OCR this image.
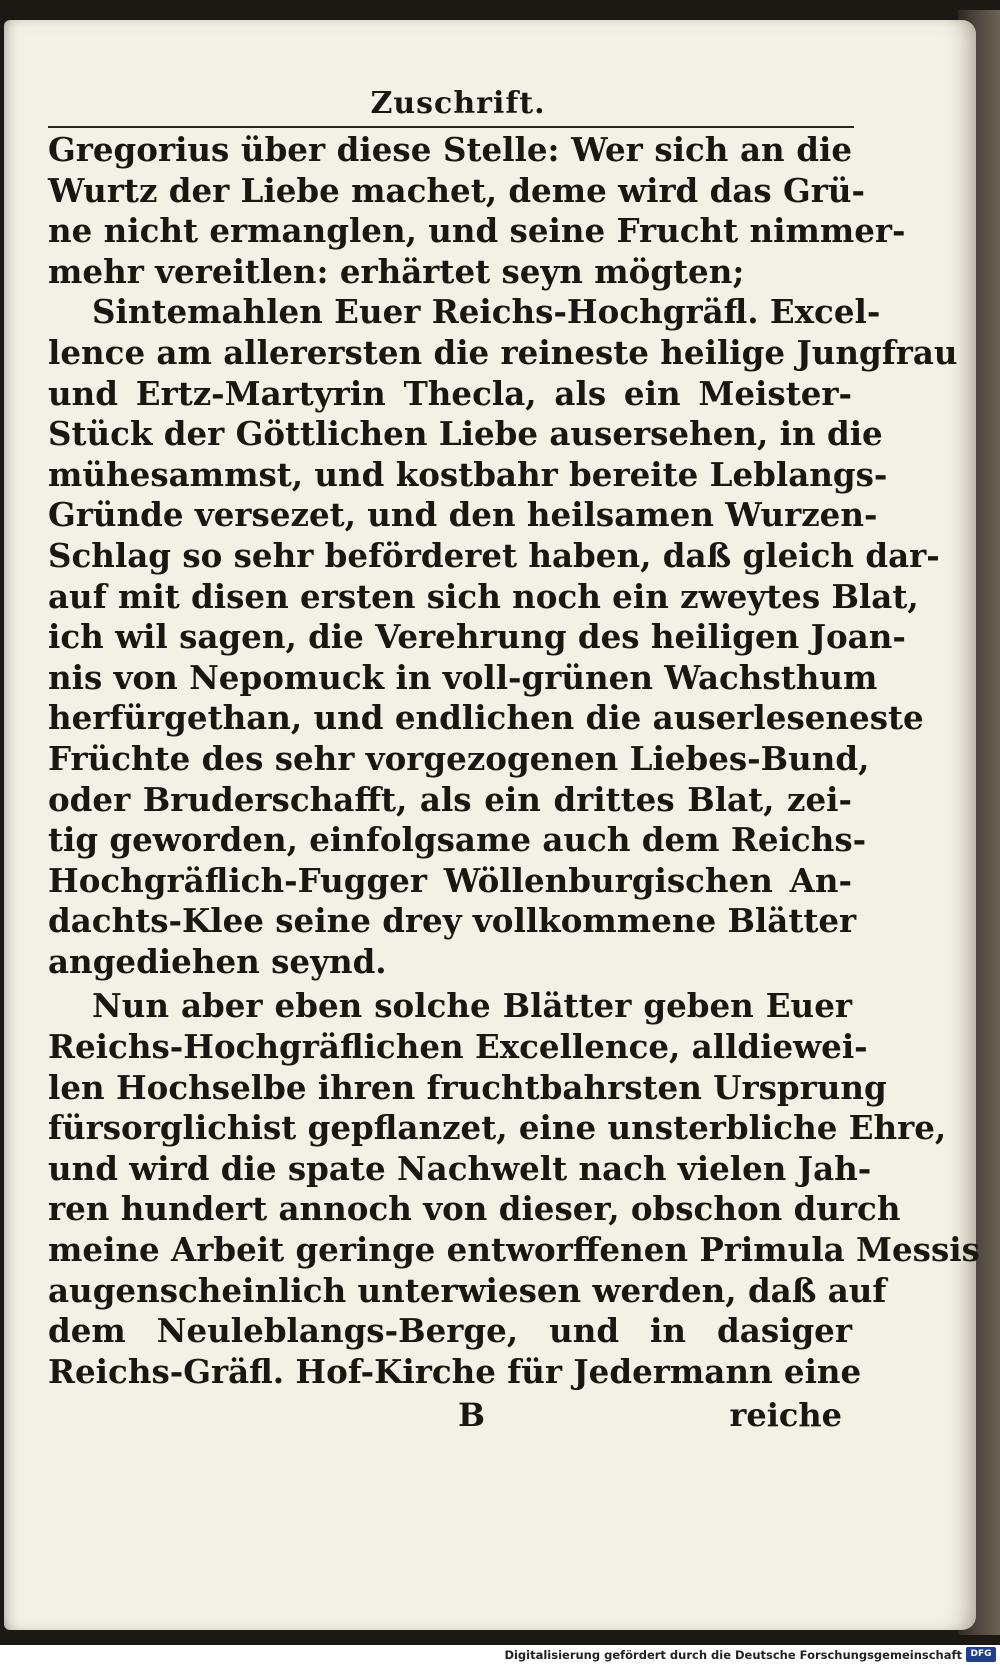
Zuschrift.
Gregorius über diese Stelle: Wer sich an die
Wurtz der Liebe machet, deme wird das Grü-
ne nicht ermanglen, und seine Frucht nimmer-
mehr vereitlen: erhärtet seyn mögten;
Sintemahlen Euer Reichs-Hochgräfl. Excel-
lence am allerersten die reineste heilige Jungfrau
und Ertz-Martyrin Thecla, als ein Meister-
Stück der Göttlichen Liebe ausersehen, in die
mühesammst, und kostbahr bereite Leblangs-
Gründe versezet, und den heilsamen Wurzen-
Schlag so sehr beförderet haben, daß gleich dar-
auf mit disen ersten sich noch ein zweytes Blat,
ich wil sagen, die Verehrung des heiligen Joan-
nis von Nepomuck in voll-grünen Wachsthum
herfürgethan, und endlichen die auserleseneste
Früchte des sehr vorgezogenen Liebes-Bund,
oder Bruderschafft, als ein drittes Blat, zei-
tig geworden, einfolgsame auch dem Reichs-
Hochgräflich-Fugger Wöllenburgischen An-
dachts-Klee seine drey vollkommene Blätter
angediehen seynd.
Nun aber eben solche Blätter geben Euer
Reichs-Hochgräflichen Excellence, alldiewei-
len Hochselbe ihren fruchtbahrsten Ursprung
fürsorglichist gepflanzet, eine unsterbliche Ehre,
und wird die spate Nachwelt nach vielen Jah-
ren hundert annoch von dieser, obschon durch
meine Arbeit geringe entworffenen Primula Messis
augenscheinlich unterwiesen werden, daß auf
dem Neuleblangs-Berge, und in dasiger
Reichs-Gräfl. Hof-Kirche für Jedermann eine
B	reiche
Digitalisierung gefördert durch die Deutsche Forschungsgemeinschaft DFG
